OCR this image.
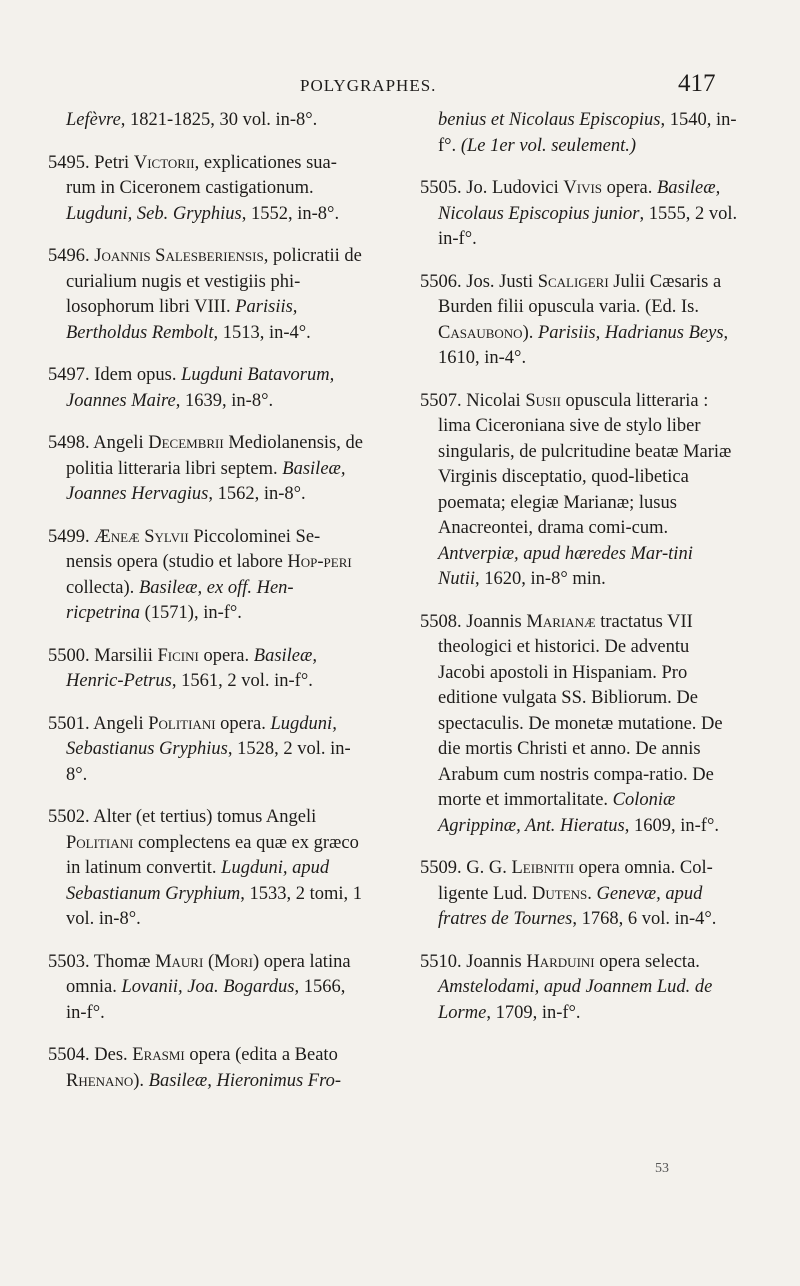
POLYGRAPHES.	417

Lefèvre, 1821-1825, 30 vol. in-8°.

5495. Petri Victorii, explicationes sua-rum in Ciceronem castigationum. Lugduni, Seb. Gryphius, 1552, in-8°.

5496. Joannis Salesberiensis, policratii de curialium nugis et vestigiis phi-losophorum libri VIII. Parisiis, Bertholdus Rembolt, 1513, in-4°.

5497. Idem opus. Lugduni Batavorum, Joannes Maire, 1639, in-8°.

5498. Angeli Decembrii Mediolanensis, de politia litteraria libri septem. Basileæ, Joannes Hervagius, 1562, in-8°.

5499. Æneæ Sylvii Piccolominei Se-nensis opera (studio et labore Hop-peri collecta). Basileæ, ex off. Hen-ricpetrina (1571), in-f°.

5500. Marsilii Ficini opera. Basileæ, Henric-Petrus, 1561, 2 vol. in-f°.

5501. Angeli Politiani opera. Lugduni, Sebastianus Gryphius, 1528, 2 vol. in-8°.

5502. Alter (et tertius) tomus Angeli Politiani complectens ea quæ ex græco in latinum convertit. Lugduni, apud Sebastianum Gryphium, 1533, 2 tomi, 1 vol. in-8°.

5503. Thomæ Mauri (Mori) opera latina omnia. Lovanii, Joa. Bogardus, 1566, in-f°.

5504. Des. Erasmi opera (edita a Beato Rhenano). Basileæ, Hieronimus Fro-

benius et Nicolaus Episcopius, 1540, in-f°. (Le 1er vol. seulement.)

5505. Jo. Ludovici Vivis opera. Basileæ, Nicolaus Episcopius junior, 1555, 2 vol. in-f°.

5506. Jos. Justi Scaligeri Julii Cæsaris a Burden filii opuscula varia. (Ed. Is. Casaubono). Parisiis, Hadrianus Beys, 1610, in-4°.

5507. Nicolai Susii opuscula litteraria : lima Ciceroniana sive de stylo liber singularis, de pulcritudine beatæ Mariæ Virginis disceptatio, quod-libetica poemata; elegiæ Marianæ; lusus Anacreontei, drama comi-cum. Antverpiæ, apud hæredes Mar-tini Nutii, 1620, in-8° min.

5508. Joannis Marianæ tractatus VII theologici et historici. De adventu Jacobi apostoli in Hispaniam. Pro editione vulgata SS. Bibliorum. De spectaculis. De monetæ mutatione. De die mortis Christi et anno. De annis Arabum cum nostris compa-ratio. De morte et immortalitate. Coloniæ Agrippinæ, Ant. Hieratus, 1609, in-f°.

5509. G. G. Leibnitii opera omnia. Col-ligente Lud. Dutens. Genevæ, apud fratres de Tournes, 1768, 6 vol. in-4°.

5510. Joannis Harduini opera selecta. Amstelodami, apud Joannem Lud. de Lorme, 1709, in-f°.

53
